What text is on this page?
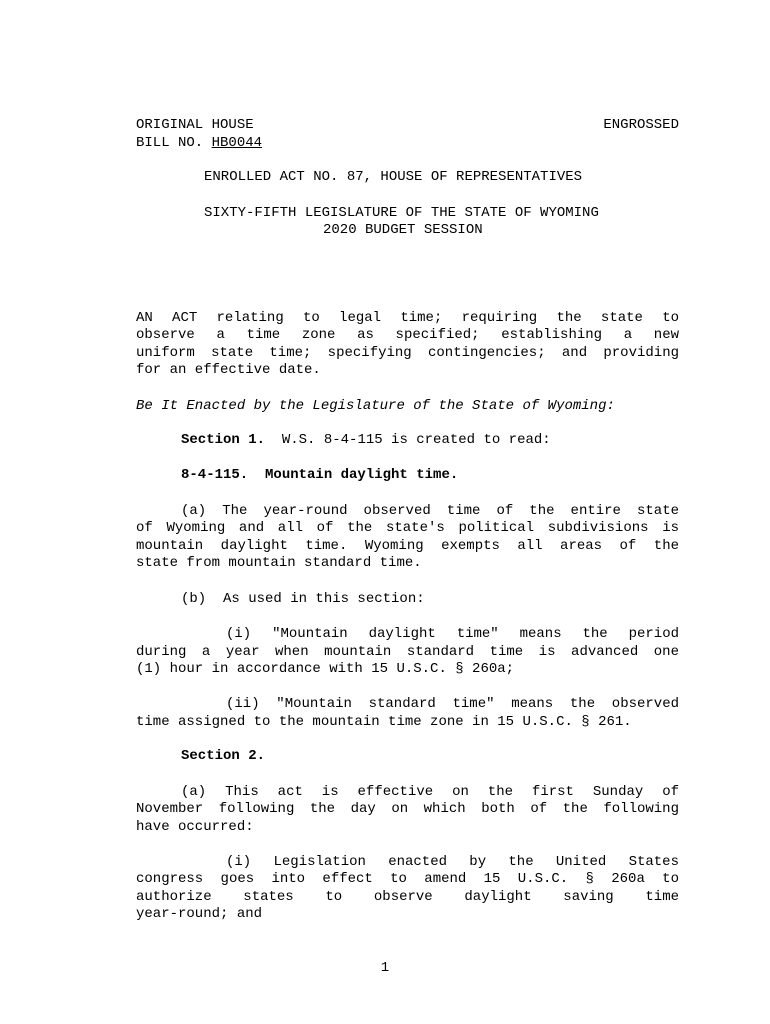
ORIGINAL HOUSE	ENGROSSED
BILL NO. HB0044
ENROLLED ACT NO. 87, HOUSE OF REPRESENTATIVES
SIXTY-FIFTH LEGISLATURE OF THE STATE OF WYOMING
2020 BUDGET SESSION
AN ACT relating to legal time; requiring the state to
observe a time zone as specified; establishing a new
uniform state time; specifying contingencies; and providing
for an effective date.
Be It Enacted by the Legislature of the State of Wyoming:
Section 1. W.S. 8-4-115 is created to read:
8-4-115.  Mountain daylight time.
(a) The year-round observed time of the entire state
of Wyoming and all of the state's political subdivisions is
mountain daylight time. Wyoming exempts all areas of the
state from mountain standard time.
(b)  As used in this section:
(i) "Mountain daylight time" means the period
during a year when mountain standard time is advanced one
(1) hour in accordance with 15 U.S.C. § 260a;
(ii) "Mountain standard time" means the observed
time assigned to the mountain time zone in 15 U.S.C. § 261.
Section 2.
(a) This act is effective on the first Sunday of
November following the day on which both of the following
have occurred:
(i) Legislation enacted by the United States
congress goes into effect to amend 15 U.S.C. § 260a to
authorize states to observe daylight saving time
year-round; and
1
